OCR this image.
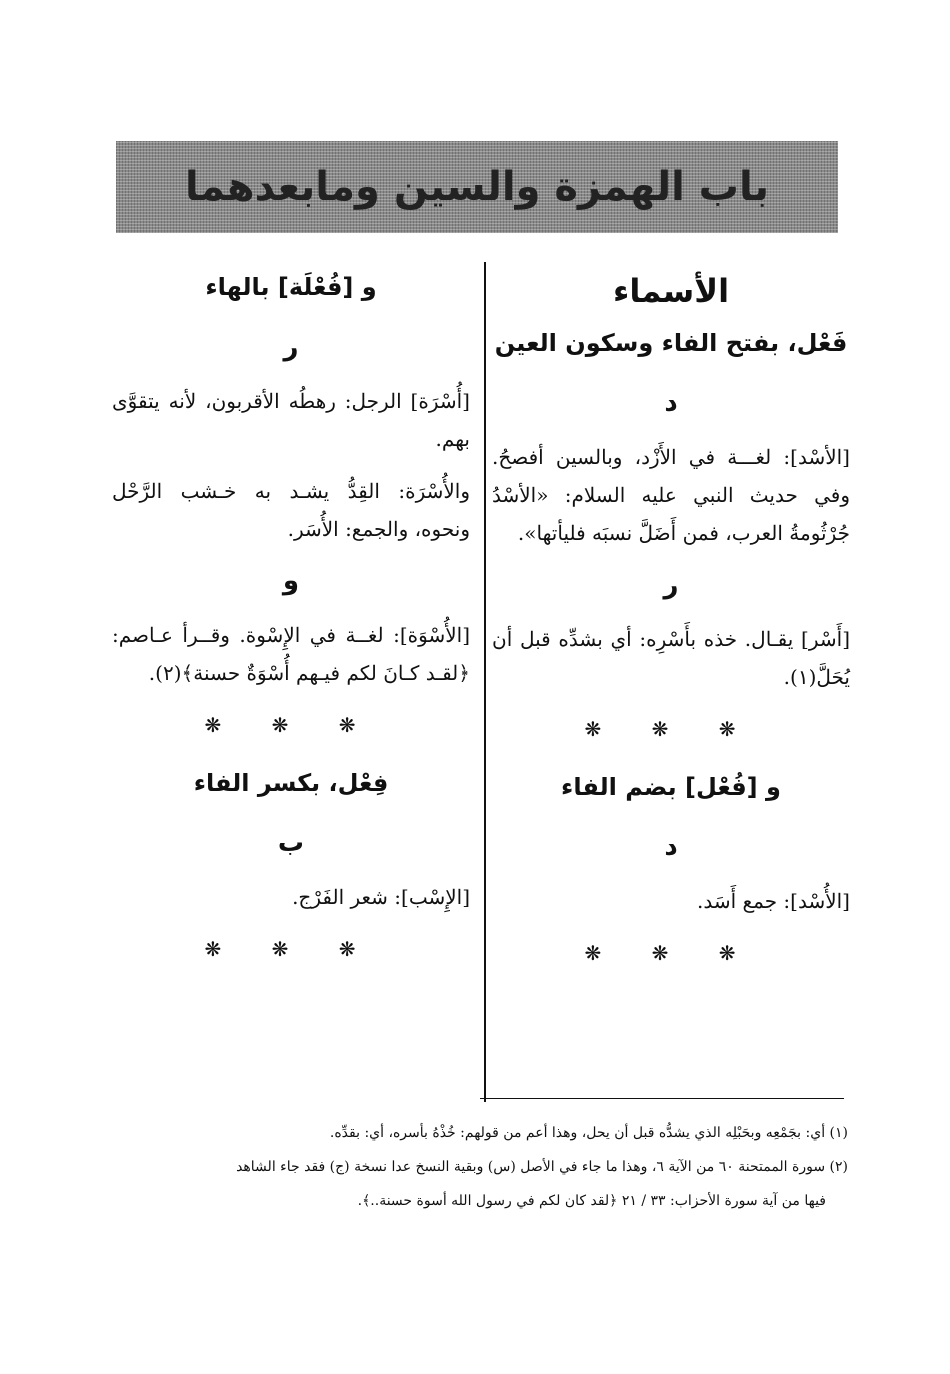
باب الهمزة والسين ومابعدهما
الأسماء
فَعْل، بفتح الفاء وسكون العين
د

[الأسْد]: لغـــة في الأَزْد، وبالسين أفصحُ. وفي حديث النبي عليه السلام: «الأسْدُ جُرْثُومةُ العرب، فمن أَضَلَّ نسبَه فليأتها».

ر

[أَسْر] يقـال. خذه بأَسْرِه: أي بشدِّه قبل أن يُحَلَّ(١).

❋ ❋ ❋
و [فُعْل] بضم الفاء
د

[الأُسْد]: جمع أَسَد.

❋ ❋ ❋
و [فُعْلَة] بالهاء
ر

[أُسْرَة] الرجل: رهطُه الأقربون، لأنه يتقوَّى بهم.

والأُسْرَة: القِدُّ يشـد به خـشب الرَّحْل ونحوه، والجمع: الأُسَر.

و

[الأُسْوَة]: لغــة في الإِسْوة. وقــرأ عـاصم: ﴿لقـد كـانَ لكم فيـهم أُسْوَةٌ حسنة﴾(٢).

❋ ❋ ❋
فِعْل، بكسر الفاء
ب

[الإِسْب]: شعر الفَرْج.

❋ ❋ ❋

(١) أي: بجَمْعِه وبحَبْلِه الذي يشدُّه قبل أن يحل، وهذا أعم من قولهم: خُذْهُ بأسره، أي: بقدِّه.

(٢) سورة الممتحنة ٦٠ من الآية ٦، وهذا ما جاء في الأصل (س) وبقية النسخ عدا نسخة (ج) فقد جاء الشاهد

فيها من آية سورة الأحزاب: ٣٣ / ٢١ ﴿لقد كان لكم في رسول الله أسوة حسنة..﴾.
